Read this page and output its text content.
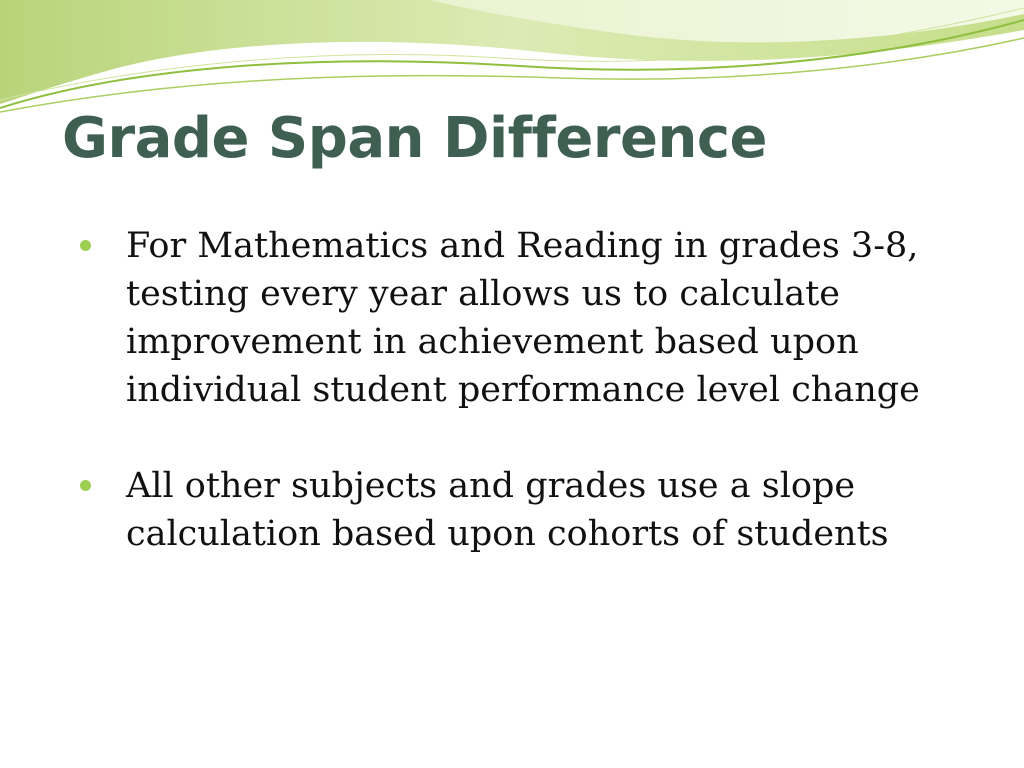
Grade Span Difference
For Mathematics and Reading in grades 3-8, testing every year allows us to calculate improvement in achievement based upon individual student performance level change
All other subjects and grades use a slope calculation based upon cohorts of students
